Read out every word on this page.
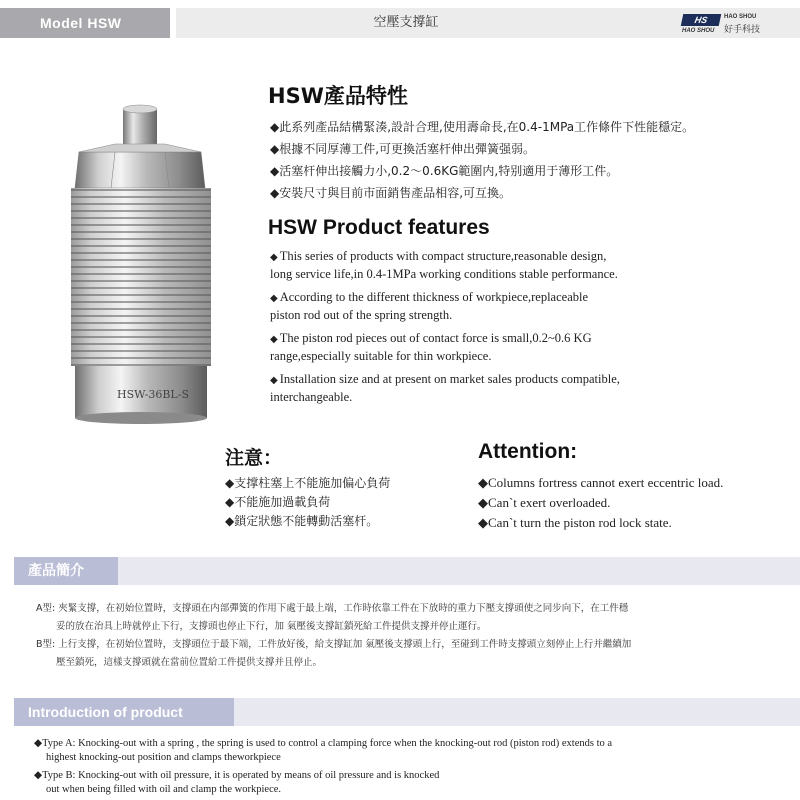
Model HSW	空壓支撐缸	HS	HAO SHOU
HAO SHOU 好手科技
HSW-36BL-S
HSW產品特性
◆此系列產品結構緊湊,設計合理,使用壽命長,在0.4-1MPa工作條件下性能穩定。
◆根據不同厚薄工件,可更換活塞杆伸出彈簧强弱。
◆活塞杆伸出接觸力小,0.2～0.6KG範圍内,特别適用于薄形工件。
◆安裝尺寸與目前市面銷售產品相容,可互換。
HSW Product features
◆ This series of products with compact structure,reasonable design,
long service life,in 0.4-1MPa working conditions stable performance.
◆ According to the different thickness of workpiece,replaceable
piston rod out of the spring strength.
◆ The piston rod pieces out of contact force is small,0.2~0.6 KG
range,especially suitable for thin workpiece.
◆ Installation size and at present on market sales products compatible,
interchangeable.
注意：
◆支撑柱塞上不能施加偏心負荷
◆不能施加過載負荷
◆鎖定狀態不能轉動活塞杆。
Attention:
◆Columns fortress cannot exert eccentric load.
◆Can`t exert overloaded.
◆Can`t turn the piston rod lock state.
產品簡介
A型: 夾緊支撐，在初始位置時，支撐頭在内部彈簧的作用下處于最上端，工作時依靠工件在下放時的重力下壓支撐頭使之同步向下，在工件穩
妥的放在治具上時就停止下行，支撐頭也停止下行，加 氣壓後支撐缸鎖死給工件提供支撐并停止運行。
B型: 上行支撐，在初始位置時，支撐頭位于最下端，工件放好後，給支撐缸加 氣壓後支撐頭上行，至碰到工件時支撐頭立刻停止上行并繼續加
壓至鎖死，這樣支撐頭就在當前位置給工件提供支撐并且停止。
Introduction of product
◆Type A: Knocking-out with a spring , the spring is used to control a clamping force when the knocking-out rod (piston rod) extends to a
highest knocking-out position and clamps theworkpiece
◆Type B: Knocking-out with oil pressure, it is operated by means of oil pressure and is knocked
out when being filled with oil and clamp the workpiece.
